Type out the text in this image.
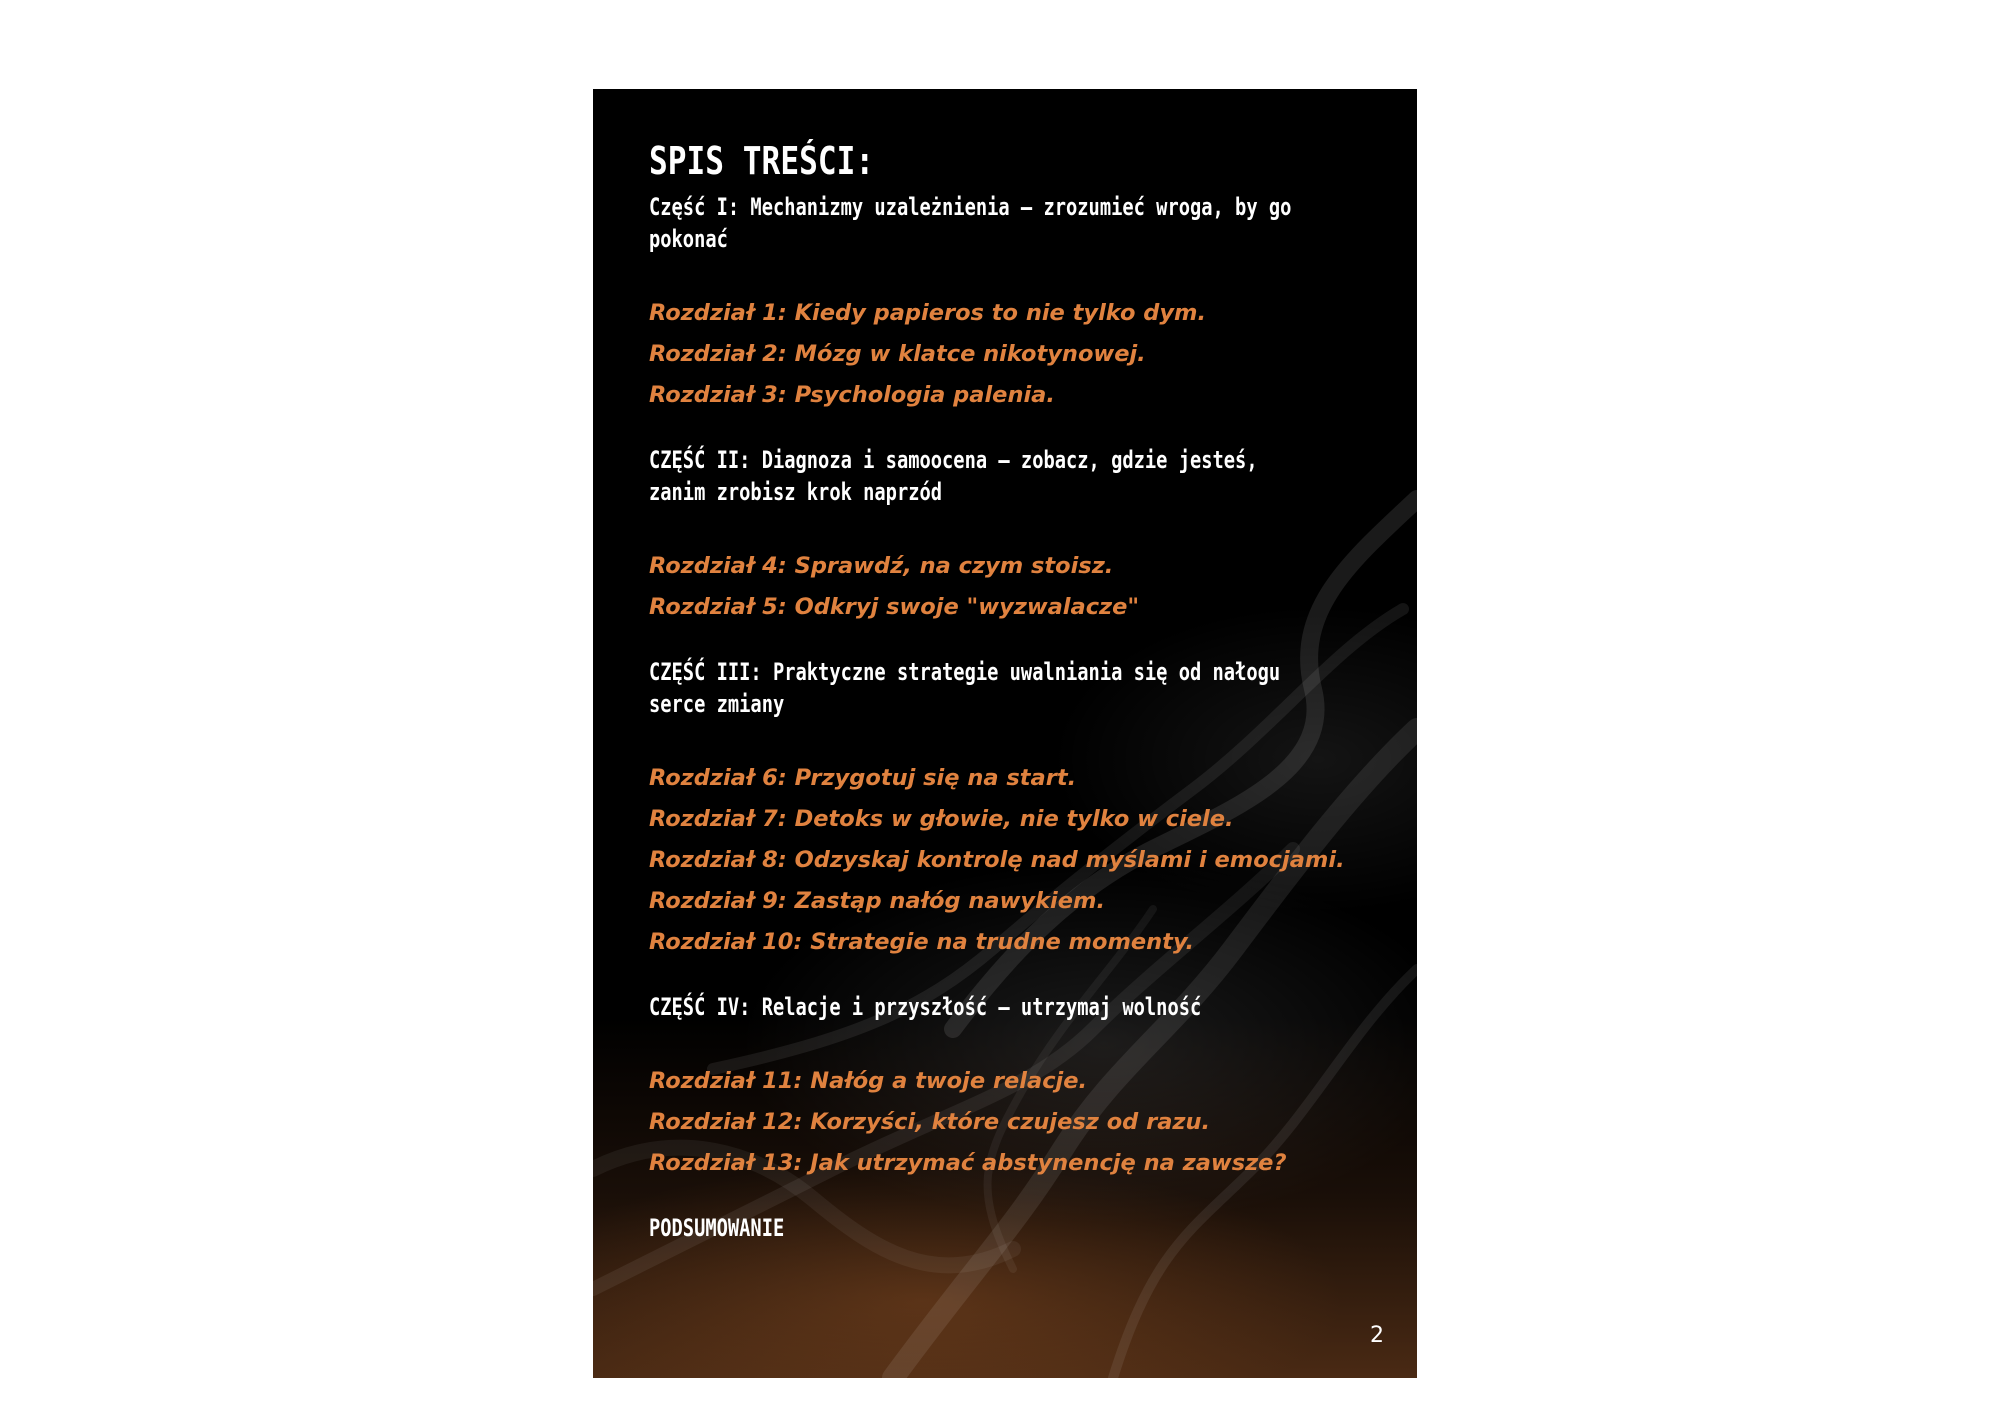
SPIS TREŚCI:
Część I: Mechanizmy uzależnienia – zrozumieć wroga, by go pokonać
Rozdział 1: Kiedy papieros to nie tylko dym.
Rozdział 2: Mózg w klatce nikotynowej.
Rozdział 3: Psychologia palenia.
CZĘŚĆ II: Diagnoza i samoocena – zobacz, gdzie jesteś, zanim zrobisz krok naprzód
Rozdział 4: Sprawdź, na czym stoisz.
Rozdział 5: Odkryj swoje "wyzwalacze"
CZĘŚĆ III: Praktyczne strategie uwalniania się od nałogu serce zmiany
Rozdział 6: Przygotuj się na start.
Rozdział 7: Detoks w głowie, nie tylko w ciele.
Rozdział 8: Odzyskaj kontrolę nad myślami i emocjami.
Rozdział 9: Zastąp nałóg nawykiem.
Rozdział 10: Strategie na trudne momenty.
CZĘŚĆ IV: Relacje i przyszłość – utrzymaj wolność
Rozdział 11: Nałóg a twoje relacje.
Rozdział 12: Korzyści, które czujesz od razu.
Rozdział 13: Jak utrzymać abstynencję na zawsze?
PODSUMOWANIE
2
